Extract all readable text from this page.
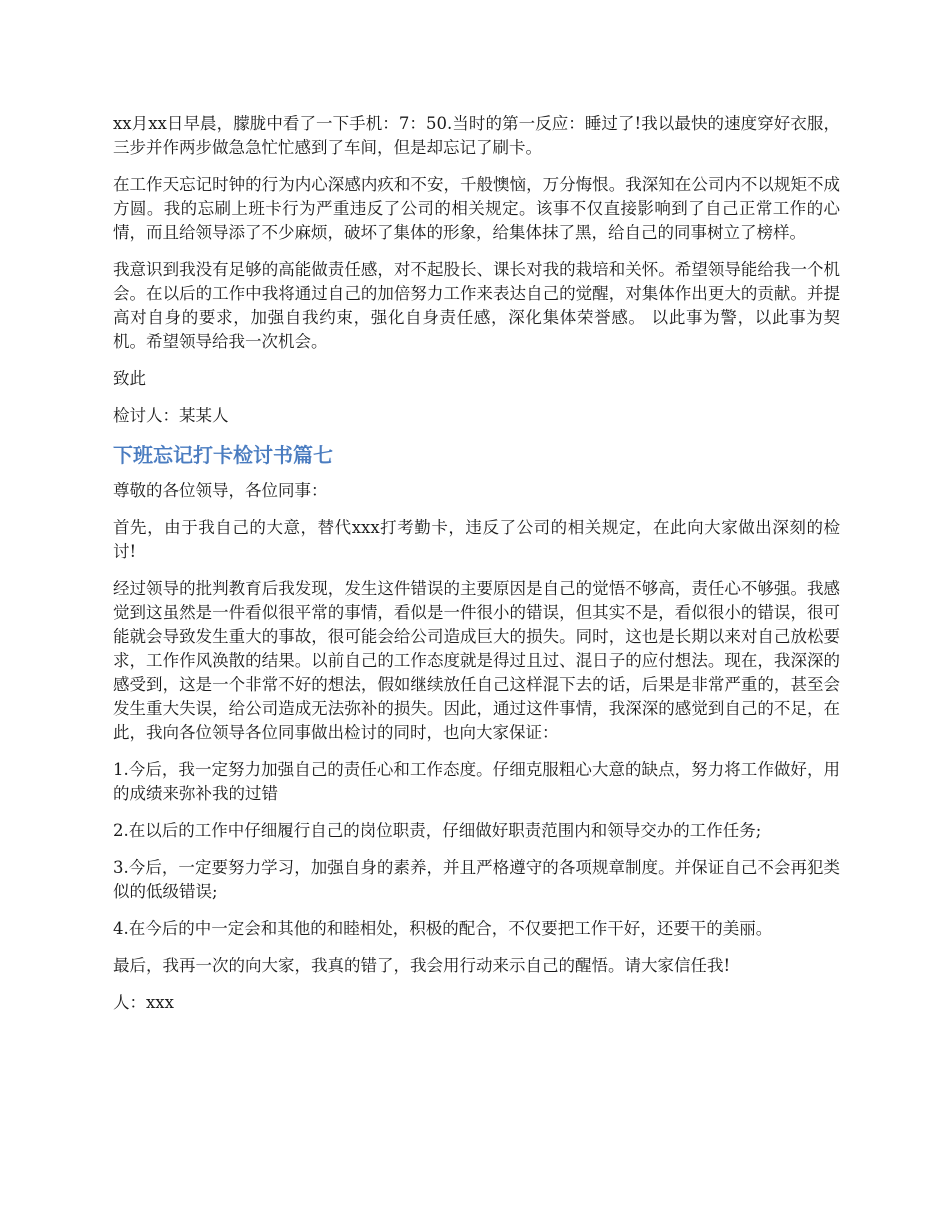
xx月xx日早晨，朦胧中看了一下手机：7：50.当时的第一反应：睡过了!我以最快的速度穿好衣服，三步并作两步做急急忙忙感到了车间，但是却忘记了刷卡。

在工作天忘记时钟的行为内心深感内疚和不安，千般懊恼，万分悔恨。我深知在公司内不以规矩不成方圆。我的忘刷上班卡行为严重违反了公司的相关规定。该事不仅直接影响到了自己正常工作的心情，而且给领导添了不少麻烦，破坏了集体的形象，给集体抹了黑，给自己的同事树立了榜样。

我意识到我没有足够的高能做责任感，对不起股长、课长对我的栽培和关怀。希望领导能给我一个机会。在以后的工作中我将通过自己的加倍努力工作来表达自己的觉醒，对集体作出更大的贡献。并提高对自身的要求，加强自我约束，强化自身责任感，深化集体荣誉感。 以此事为警，以此事为契机。希望领导给我一次机会。

致此

检讨人：某某人

下班忘记打卡检讨书篇七

尊敬的各位领导，各位同事：

首先，由于我自己的大意，替代xxx打考勤卡，违反了公司的相关规定，在此向大家做出深刻的检讨!

经过领导的批判教育后我发现，发生这件错误的主要原因是自己的觉悟不够高，责任心不够强。我感觉到这虽然是一件看似很平常的事情，看似是一件很小的错误，但其实不是，看似很小的错误，很可能就会导致发生重大的事故，很可能会给公司造成巨大的损失。同时，这也是长期以来对自己放松要求，工作作风涣散的结果。以前自己的工作态度就是得过且过、混日子的应付想法。现在，我深深的感受到，这是一个非常不好的想法，假如继续放任自己这样混下去的话，后果是非常严重的，甚至会发生重大失误，给公司造成无法弥补的损失。因此，通过这件事情，我深深的感觉到自己的不足，在此，我向各位领导各位同事做出检讨的同时，也向大家保证：

1.今后，我一定努力加强自己的责任心和工作态度。仔细克服粗心大意的缺点，努力将工作做好，用的成绩来弥补我的过错

2.在以后的工作中仔细履行自己的岗位职责，仔细做好职责范围内和领导交办的工作任务;

3.今后，一定要努力学习，加强自身的素养，并且严格遵守的各项规章制度。并保证自己不会再犯类似的低级错误;

4.在今后的中一定会和其他的和睦相处，积极的配合，不仅要把工作干好，还要干的美丽。

最后，我再一次的向大家，我真的错了，我会用行动来示自己的醒悟。请大家信任我!

人：xxx
